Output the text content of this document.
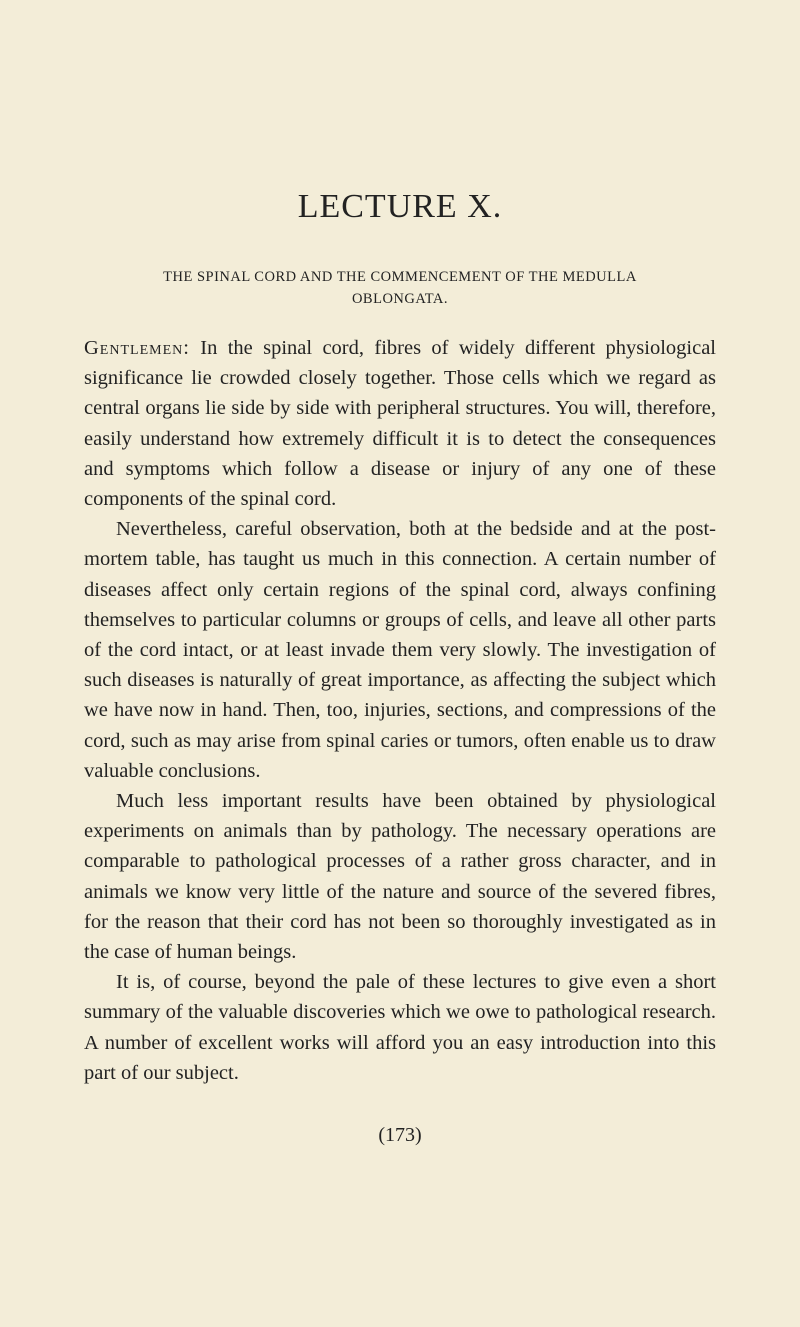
LECTURE X.
THE SPINAL CORD AND THE COMMENCEMENT OF THE MEDULLA
OBLONGATA.

Gentlemen: In the spinal cord, fibres of widely different physiological significance lie crowded closely together. Those cells which we regard as central organs lie side by side with peripheral structures. You will, therefore, easily understand how extremely difficult it is to detect the consequences and symptoms which follow a disease or injury of any one of these components of the spinal cord.

Nevertheless, careful observation, both at the bedside and at the post-mortem table, has taught us much in this connection. A certain number of diseases affect only certain regions of the spinal cord, always confining themselves to particular columns or groups of cells, and leave all other parts of the cord intact, or at least invade them very slowly. The investigation of such diseases is naturally of great importance, as affecting the subject which we have now in hand. Then, too, injuries, sections, and compressions of the cord, such as may arise from spinal caries or tumors, often enable us to draw valuable conclusions.

Much less important results have been obtained by physiological experiments on animals than by pathology. The necessary operations are comparable to pathological processes of a rather gross character, and in animals we know very little of the nature and source of the severed fibres, for the reason that their cord has not been so thoroughly investigated as in the case of human beings.

It is, of course, beyond the pale of these lectures to give even a short summary of the valuable discoveries which we owe to pathological research. A number of excellent works will afford you an easy introduction into this part of our subject.

(173)
